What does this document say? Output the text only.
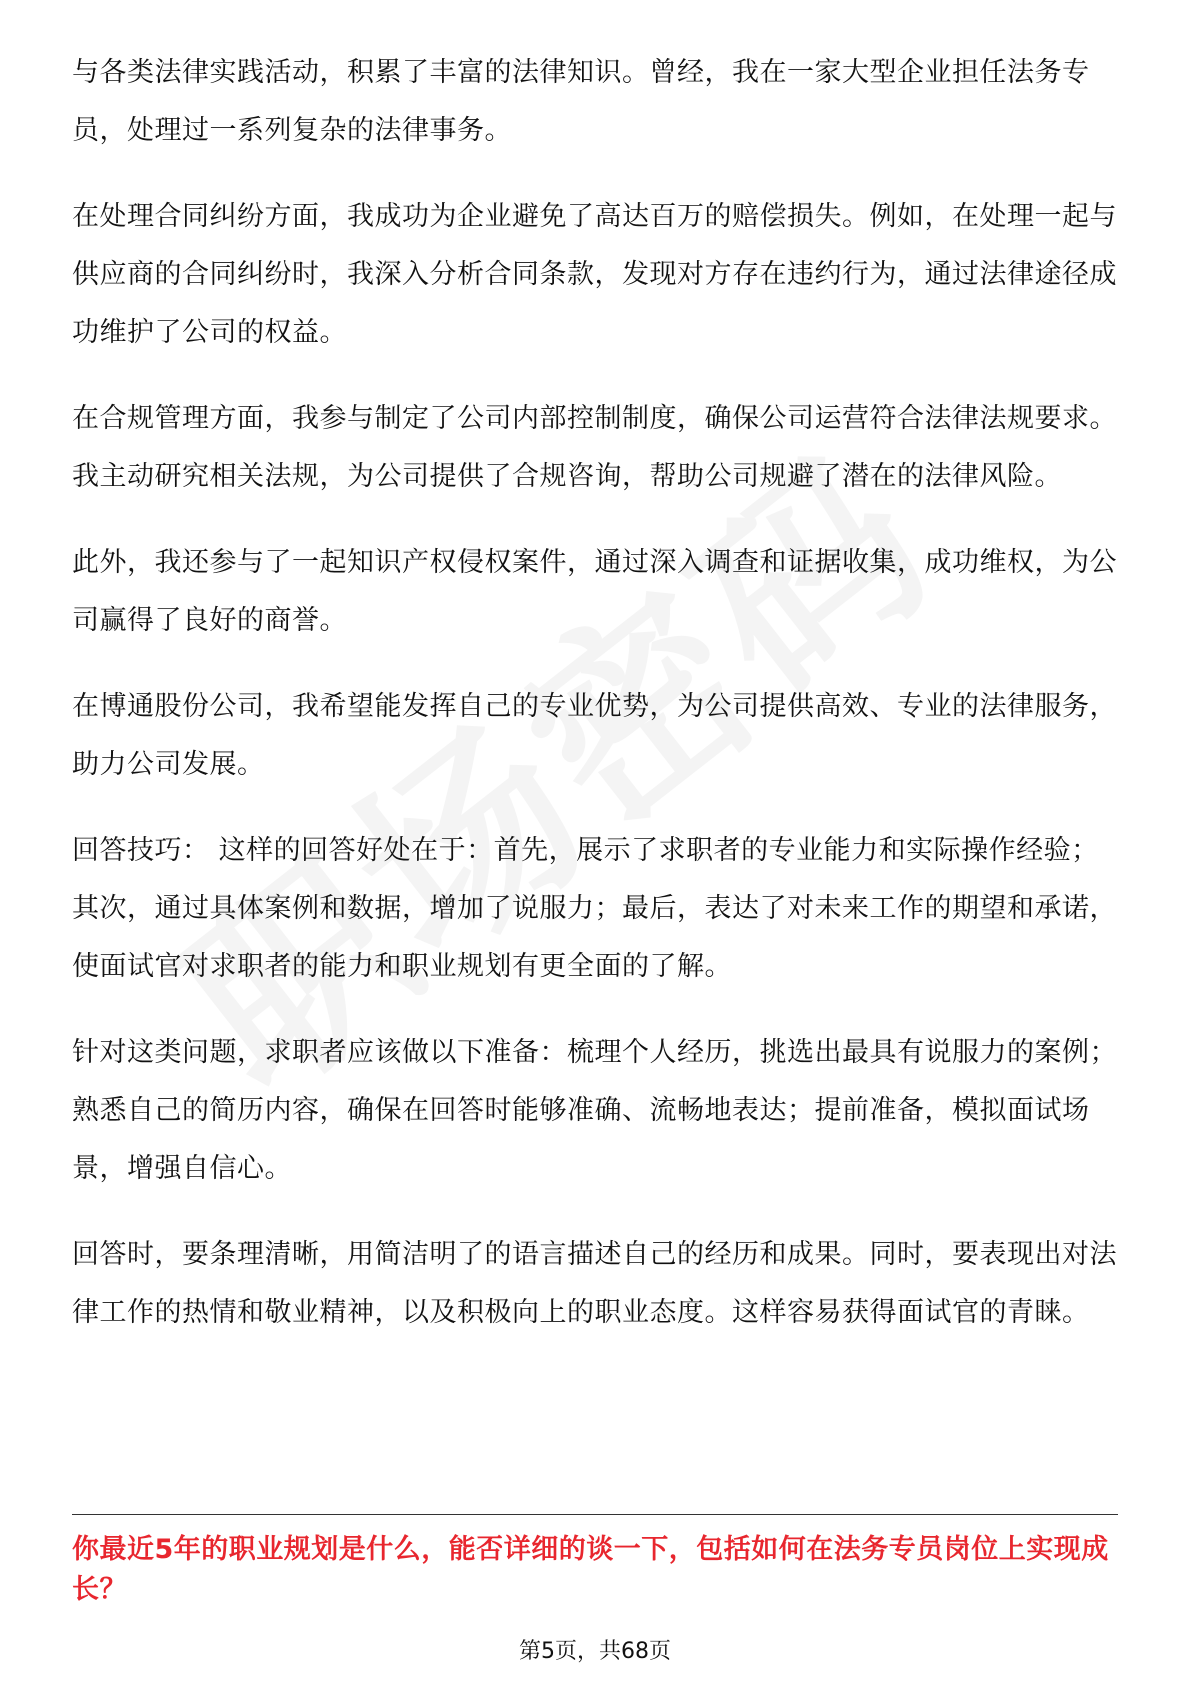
与各类法律实践活动，积累了丰富的法律知识。曾经，我在一家大型企业担任法务专员，处理过一系列复杂的法律事务。

在处理合同纠纷方面，我成功为企业避免了高达百万的赔偿损失。例如，在处理一起与供应商的合同纠纷时，我深入分析合同条款，发现对方存在违约行为，通过法律途径成功维护了公司的权益。

在合规管理方面，我参与制定了公司内部控制制度，确保公司运营符合法律法规要求。我主动研究相关法规，为公司提供了合规咨询，帮助公司规避了潜在的法律风险。

此外，我还参与了一起知识产权侵权案件，通过深入调查和证据收集，成功维权，为公司赢得了良好的商誉。

在博通股份公司，我希望能发挥自己的专业优势，为公司提供高效、专业的法律服务，助力公司发展。

回答技巧： 这样的回答好处在于：首先，展示了求职者的专业能力和实际操作经验；其次，通过具体案例和数据，增加了说服力；最后，表达了对未来工作的期望和承诺，使面试官对求职者的能力和职业规划有更全面的了解。

针对这类问题，求职者应该做以下准备：梳理个人经历，挑选出最具有说服力的案例；熟悉自己的简历内容，确保在回答时能够准确、流畅地表达；提前准备，模拟面试场景，增强自信心。

回答时，要条理清晰，用简洁明了的语言描述自己的经历和成果。同时，要表现出对法律工作的热情和敬业精神，以及积极向上的职业态度。这样容易获得面试官的青睐。

你最近5年的职业规划是什么，能否详细的谈一下，包括如何在法务专员岗位上实现成长？
第5页，共68页
